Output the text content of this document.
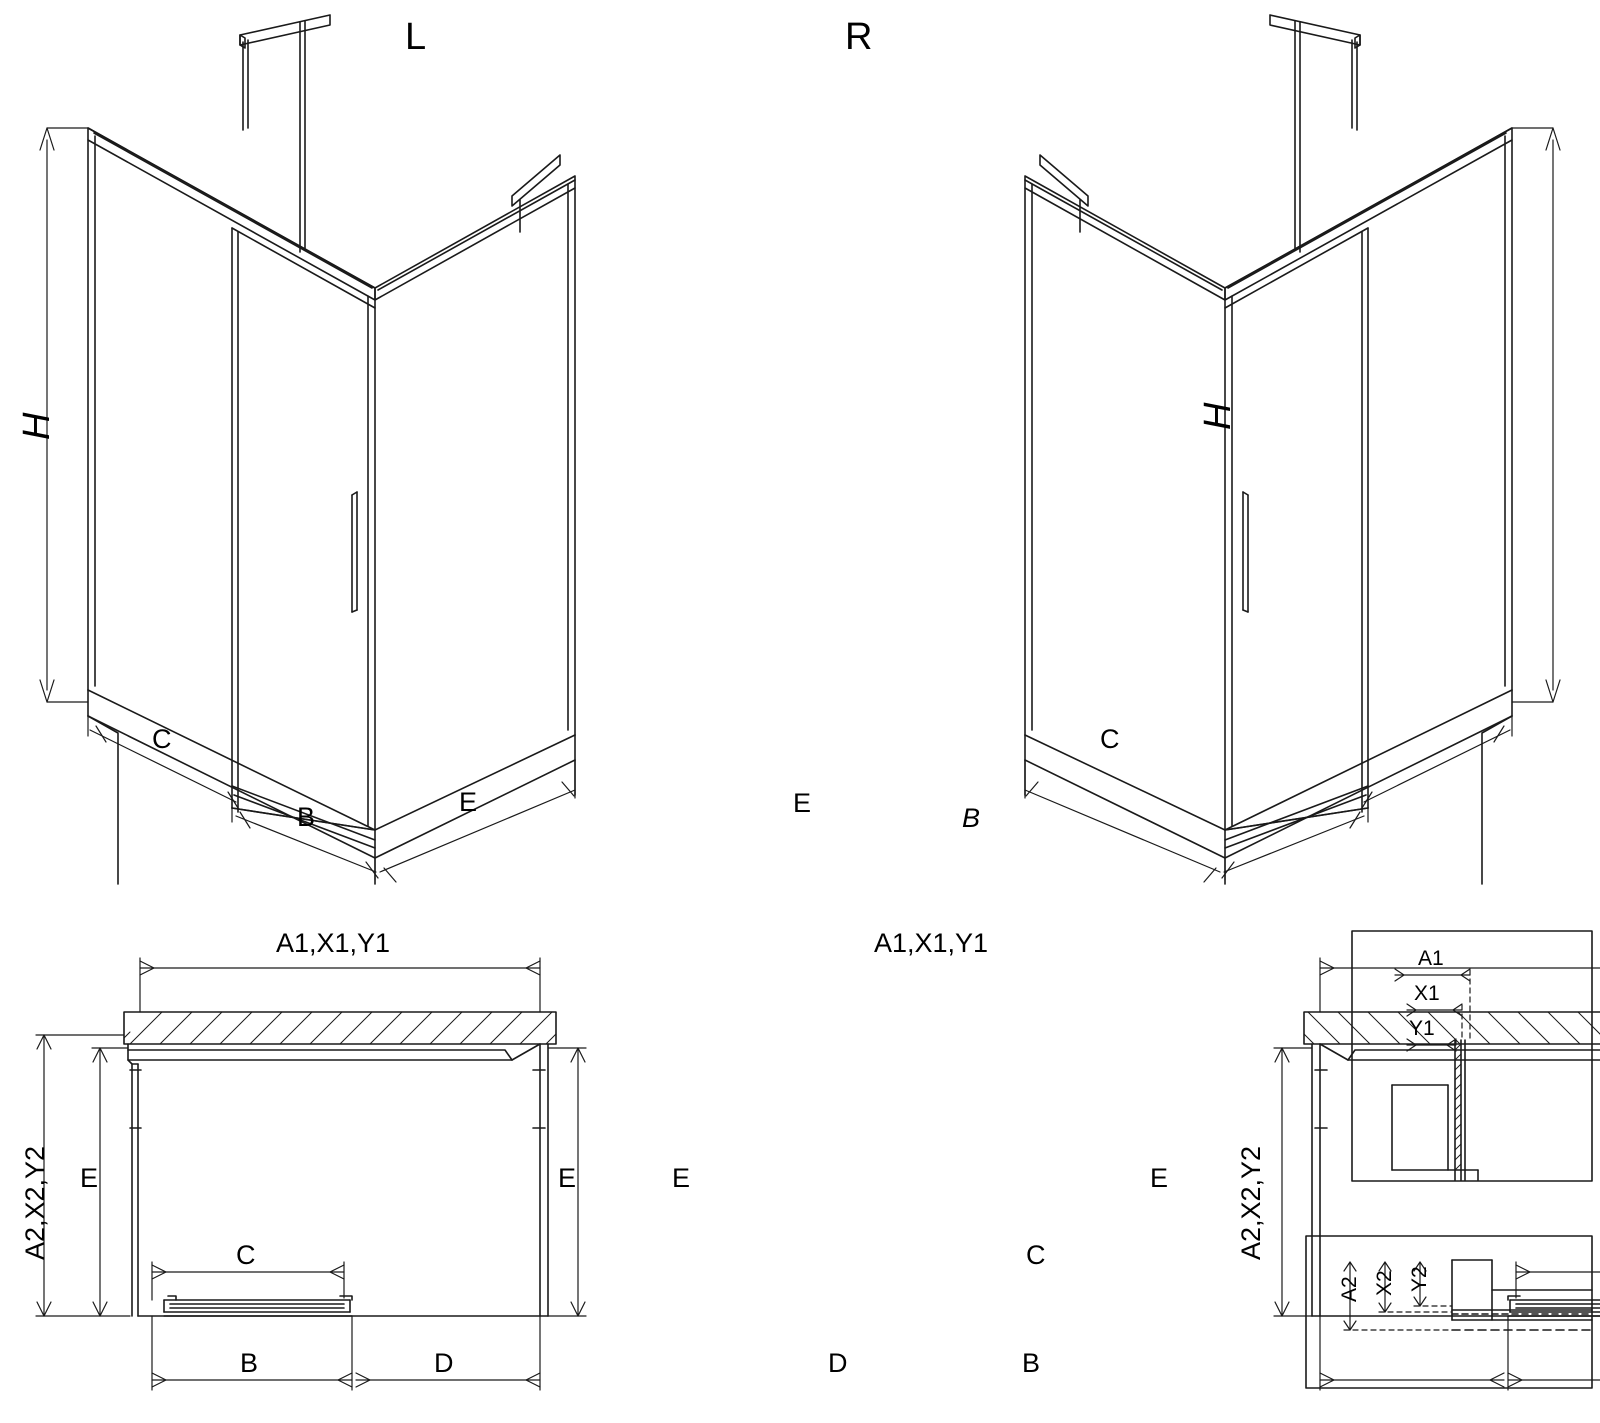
L
H
C
B	E
R
H
C
B
E
A1,X1,Y1
A2,X2,Y2 E	E
C
B	D
A1,X1,Y1
A2,X2,Y2
E	E
C
B
D
A1
X1
Y1
A2 X2 Y2
